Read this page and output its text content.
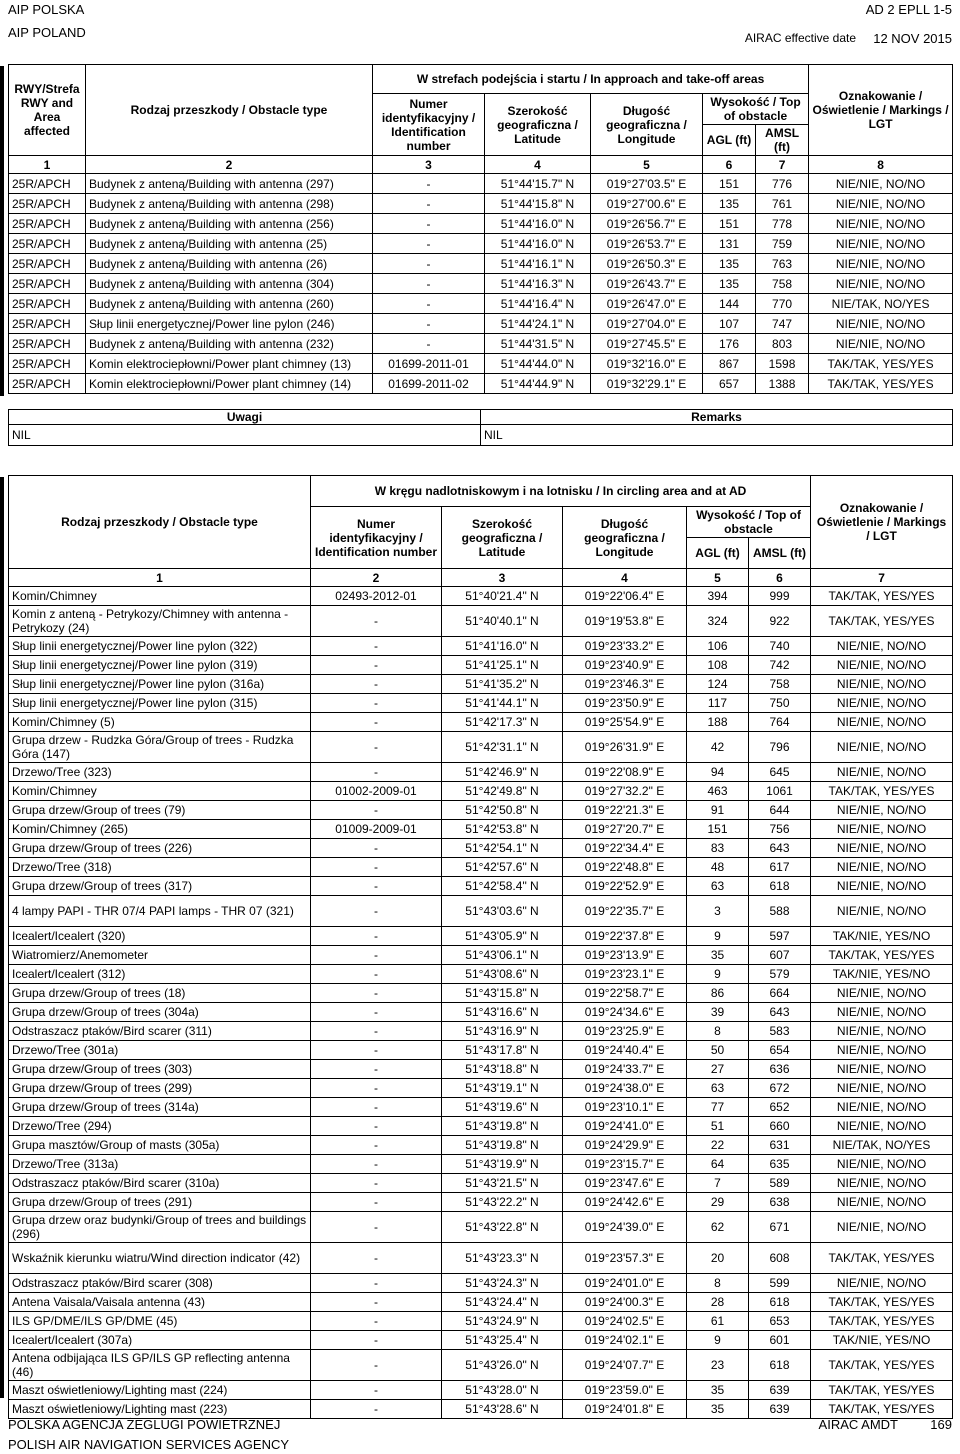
AIP POLSKA
AIP POLAND
AD 2 EPLL 1-5
AIRAC effective date 12 NOV 2015
RWY/Strefa RWY and Area affected	Rodzaj przeszkody / Obstacle type	W strefach podejścia i startu / In approach and take-off areas					Oznakowanie / Oświetlenie / Markings / LGT
		Numer identyfikacyjny / Identification number	Szerokość geograficzna / Latitude	Długość geograficzna / Longitude	Wysokość / Top of obstacle		
					AGL (ft)	AMSL (ft)	
1	2	3	4	5	6	7	8
25R/APCH	Budynek z anteną/Building with antenna (297)	-	51°44'15.7" N	019°27'03.5" E	151	776	NIE/NIE, NO/NO
25R/APCH	Budynek z anteną/Building with antenna (298)	-	51°44'15.8" N	019°27'00.6" E	135	761	NIE/NIE, NO/NO
25R/APCH	Budynek z anteną/Building with antenna (256)	-	51°44'16.0" N	019°26'56.7" E	151	778	NIE/NIE, NO/NO
25R/APCH	Budynek z anteną/Building with antenna (25)	-	51°44'16.0" N	019°26'53.7" E	131	759	NIE/NIE, NO/NO
25R/APCH	Budynek z anteną/Building with antenna (26)	-	51°44'16.1" N	019°26'50.3" E	135	763	NIE/NIE, NO/NO
25R/APCH	Budynek z anteną/Building with antenna (304)	-	51°44'16.3" N	019°26'43.7" E	135	758	NIE/NIE, NO/NO
25R/APCH	Budynek z anteną/Building with antenna (260)	-	51°44'16.4" N	019°26'47.0" E	144	770	NIE/TAK, NO/YES
25R/APCH	Słup linii energetycznej/Power line pylon (246)	-	51°44'24.1" N	019°27'04.0" E	107	747	NIE/NIE, NO/NO
25R/APCH	Budynek z anteną/Building with antenna (232)	-	51°44'31.5" N	019°27'45.5" E	176	803	NIE/NIE, NO/NO
25R/APCH	Komin elektrociepłowni/Power plant chimney (13)	01699-2011-01	51°44'44.0" N	019°32'16.0" E	867	1598	TAK/TAK, YES/YES
25R/APCH	Komin elektrociepłowni/Power plant chimney (14)	01699-2011-02	51°44'44.9" N	019°32'29.1" E	657	1388	TAK/TAK, YES/YES
Uwagi	Remarks
NIL	NIL
Rodzaj przeszkody / Obstacle type	W kręgu nadlotniskowym i na lotnisku / In circling area and at AD					Oznakowanie / Oświetlenie / Markings / LGT
	Numer identyfikacyjny / Identification number	Szerokość geograficzna / Latitude	Długość geograficzna / Longitude	Wysokość / Top of obstacle		
				AGL (ft)	AMSL (ft)	
1	2	3	4	5	6	7
Komin/Chimney	02493-2012-01	51°40'21.4" N	019°22'06.4" E	394	999	TAK/TAK, YES/YES
Komin z anteną - Petrykozy/Chimney with antenna - Petrykozy (24)	-	51°40'40.1" N	019°19'53.8" E	324	922	TAK/TAK, YES/YES
Słup linii energetycznej/Power line pylon (322)	-	51°41'16.0" N	019°23'33.2" E	106	740	NIE/NIE, NO/NO
Słup linii energetycznej/Power line pylon (319)	-	51°41'25.1" N	019°23'40.9" E	108	742	NIE/NIE, NO/NO
Słup linii energetycznej/Power line pylon (316a)	-	51°41'35.2" N	019°23'46.3" E	124	758	NIE/NIE, NO/NO
Słup linii energetycznej/Power line pylon (315)	-	51°41'44.1" N	019°23'50.9" E	117	750	NIE/NIE, NO/NO
Komin/Chimney (5)	-	51°42'17.3" N	019°25'54.9" E	188	764	NIE/NIE, NO/NO
Grupa drzew - Rudzka Góra/Group of trees - Rudzka Góra (147)	-	51°42'31.1" N	019°26'31.9" E	42	796	NIE/NIE, NO/NO
Drzewo/Tree (323)	-	51°42'46.9" N	019°22'08.9" E	94	645	NIE/NIE, NO/NO
Komin/Chimney	01002-2009-01	51°42'49.8" N	019°27'32.2" E	463	1061	TAK/TAK, YES/YES
Grupa drzew/Group of trees (79)	-	51°42'50.8" N	019°22'21.3" E	91	644	NIE/NIE, NO/NO
Komin/Chimney (265)	01009-2009-01	51°42'53.8" N	019°27'20.7" E	151	756	NIE/NIE, NO/NO
Grupa drzew/Group of trees (226)	-	51°42'54.1" N	019°22'34.4" E	83	643	NIE/NIE, NO/NO
Drzewo/Tree (318)	-	51°42'57.6" N	019°22'48.8" E	48	617	NIE/NIE, NO/NO
Grupa drzew/Group of trees (317)	-	51°42'58.4" N	019°22'52.9" E	63	618	NIE/NIE, NO/NO
4 lampy PAPI - THR 07/4 PAPI lamps - THR 07 (321)	-	51°43'03.6" N	019°22'35.7" E	3	588	NIE/NIE, NO/NO
Icealert/Icealert (320)	-	51°43'05.9" N	019°22'37.8" E	9	597	TAK/NIE, YES/NO
Wiatromierz/Anemometer	-	51°43'06.1" N	019°23'13.9" E	35	607	TAK/TAK, YES/YES
Icealert/Icealert (312)	-	51°43'08.6" N	019°23'23.1" E	9	579	TAK/NIE, YES/NO
Grupa drzew/Group of trees (18)	-	51°43'15.8" N	019°22'58.7" E	86	664	NIE/NIE, NO/NO
Grupa drzew/Group of trees (304a)	-	51°43'16.6" N	019°24'34.6" E	39	643	NIE/NIE, NO/NO
Odstraszacz ptaków/Bird scarer (311)	-	51°43'16.9" N	019°23'25.9" E	8	583	NIE/NIE, NO/NO
Drzewo/Tree (301a)	-	51°43'17.8" N	019°24'40.4" E	50	654	NIE/NIE, NO/NO
Grupa drzew/Group of trees (303)	-	51°43'18.8" N	019°24'33.7" E	27	636	NIE/NIE, NO/NO
Grupa drzew/Group of trees (299)	-	51°43'19.1" N	019°24'38.0" E	63	672	NIE/NIE, NO/NO
Grupa drzew/Group of trees (314a)	-	51°43'19.6" N	019°23'10.1" E	77	652	NIE/NIE, NO/NO
Drzewo/Tree (294)	-	51°43'19.8" N	019°24'41.0" E	51	660	NIE/NIE, NO/NO
Grupa masztów/Group of masts (305a)	-	51°43'19.8" N	019°24'29.9" E	22	631	NIE/TAK, NO/YES
Drzewo/Tree (313a)	-	51°43'19.9" N	019°23'15.7" E	64	635	NIE/NIE, NO/NO
Odstraszacz ptaków/Bird scarer (310a)	-	51°43'21.5" N	019°23'47.6" E	7	589	NIE/NIE, NO/NO
Grupa drzew/Group of trees (291)	-	51°43'22.2" N	019°24'42.6" E	29	638	NIE/NIE, NO/NO
Grupa drzew oraz budynki/Group of trees and buildings (296)	-	51°43'22.8" N	019°24'39.0" E	62	671	NIE/NIE, NO/NO
Wskaźnik kierunku wiatru/Wind direction indicator (42)	-	51°43'23.3" N	019°23'57.3" E	20	608	TAK/TAK, YES/YES
Odstraszacz ptaków/Bird scarer (308)	-	51°43'24.3" N	019°24'01.0" E	8	599	NIE/NIE, NO/NO
Antena Vaisala/Vaisala antenna (43)	-	51°43'24.4" N	019°24'00.3" E	28	618	TAK/TAK, YES/YES
ILS GP/DME/ILS GP/DME (45)	-	51°43'24.9" N	019°24'02.5" E	61	653	TAK/TAK, YES/YES
Icealert/Icealert (307a)	-	51°43'25.4" N	019°24'02.1" E	9	601	TAK/NIE, YES/NO
Antena odbijająca ILS GP/ILS GP reflecting antenna (46)	-	51°43'26.0" N	019°24'07.7" E	23	618	TAK/TAK, YES/YES
Maszt oświetleniowy/Lighting mast (224)	-	51°43'28.0" N	019°23'59.0" E	35	639	TAK/TAK, YES/YES
Maszt oświetleniowy/Lighting mast (223)	-	51°43'28.6" N	019°24'01.8" E	35	639	TAK/TAK, YES/YES
POLSKA AGENCJA ŻEGLUGI POWIETRZNEJ
POLISH AIR NAVIGATION SERVICES AGENCY
AIRAC AMDT 169
